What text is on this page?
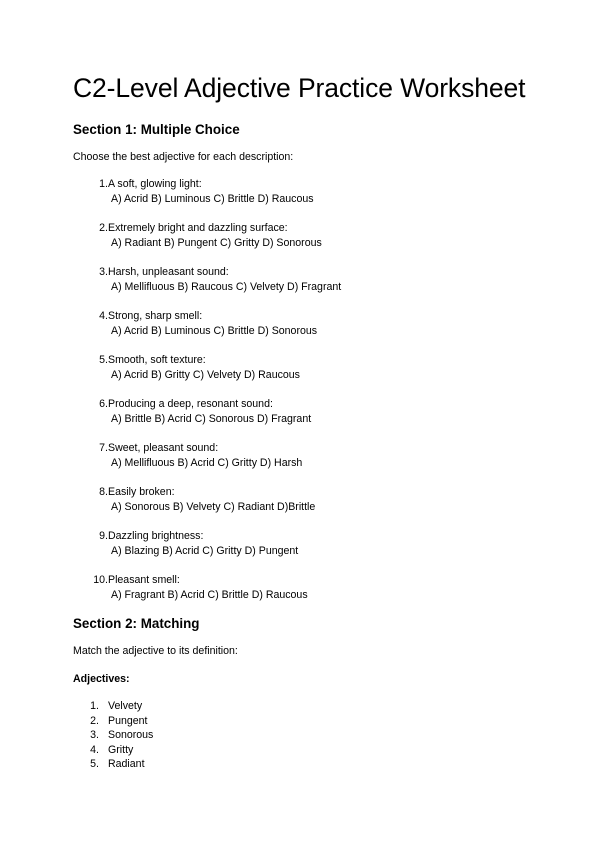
C2-Level Adjective Practice Worksheet
Section 1: Multiple Choice
Choose the best adjective for each description:
1. A soft, glowing light:
A) Acrid B) Luminous C) Brittle D) Raucous
2. Extremely bright and dazzling surface:
A) Radiant B) Pungent C) Gritty D) Sonorous
3. Harsh, unpleasant sound:
A) Mellifluous B) Raucous C) Velvety D) Fragrant
4. Strong, sharp smell:
A) Acrid B) Luminous C) Brittle D) Sonorous
5. Smooth, soft texture:
A) Acrid B) Gritty C) Velvety D) Raucous
6. Producing a deep, resonant sound:
A) Brittle B) Acrid C) Sonorous D) Fragrant
7. Sweet, pleasant sound:
A) Mellifluous B) Acrid C) Gritty D) Harsh
8. Easily broken:
A) Sonorous B) Velvety C) Radiant D)Brittle
9. Dazzling brightness:
A) Blazing B) Acrid C) Gritty D) Pungent
10. Pleasant smell:
A) Fragrant B) Acrid C) Brittle D) Raucous
Section 2: Matching
Match the adjective to its definition:
Adjectives:
1. Velvety
2. Pungent
3. Sonorous
4. Gritty
5. Radiant
